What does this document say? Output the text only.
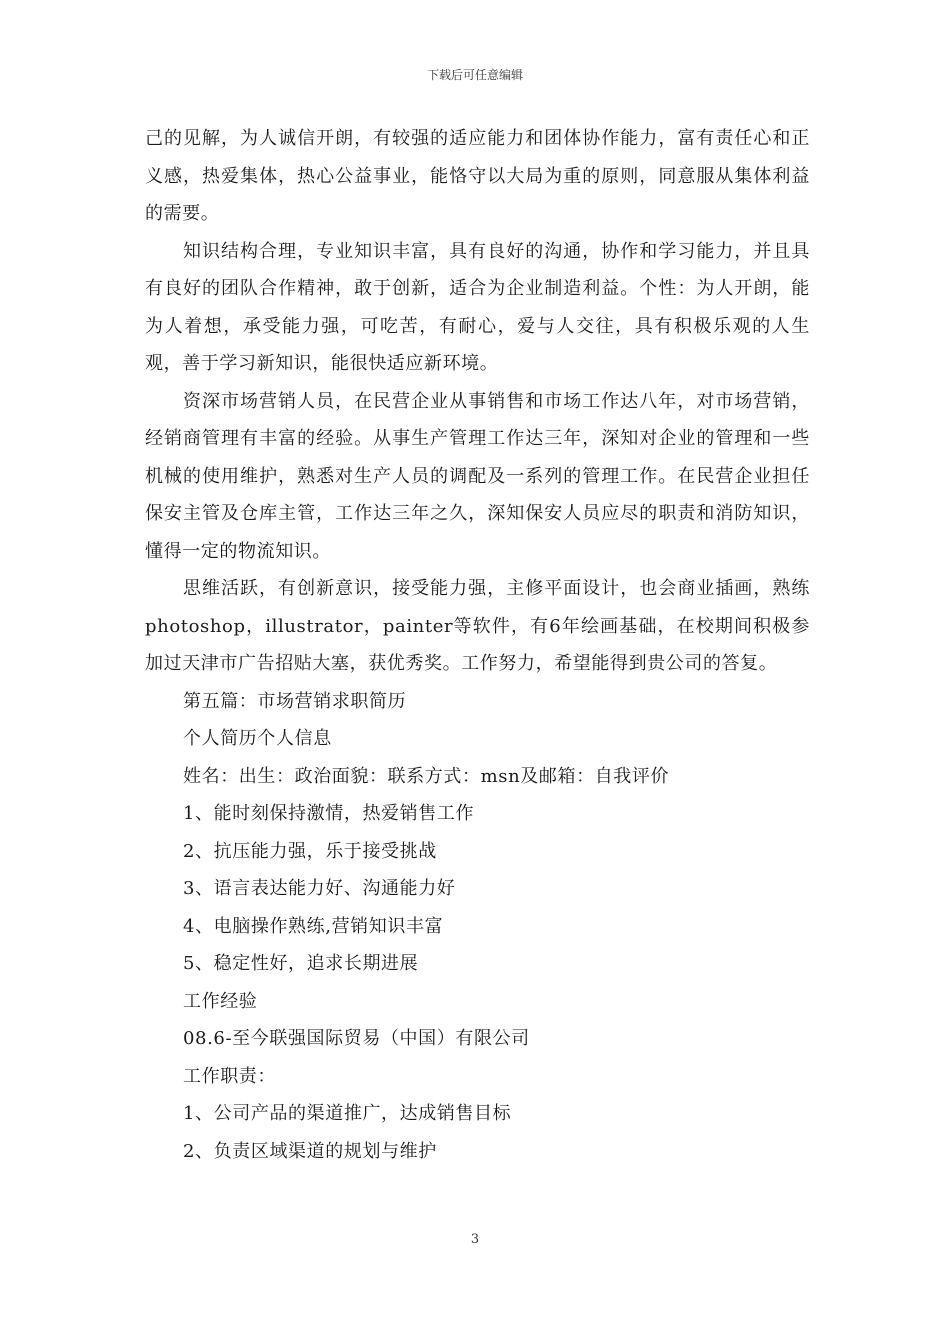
下载后可任意编辑

己的见解，为人诚信开朗，有较强的适应能力和团体协作能力，富有责任心和正义感，热爱集体，热心公益事业，能恪守以大局为重的原则，同意服从集体利益的需要。

知识结构合理，专业知识丰富，具有良好的沟通，协作和学习能力，并且具有良好的团队合作精神，敢于创新，适合为企业制造利益。个性：为人开朗，能为人着想，承受能力强，可吃苦，有耐心，爱与人交往，具有积极乐观的人生观，善于学习新知识，能很快适应新环境。

资深市场营销人员，在民营企业从事销售和市场工作达八年，对市场营销，经销商管理有丰富的经验。从事生产管理工作达三年，深知对企业的管理和一些机械的使用维护，熟悉对生产人员的调配及一系列的管理工作。在民营企业担任保安主管及仓库主管，工作达三年之久，深知保安人员应尽的职责和消防知识，懂得一定的物流知识。

思维活跃，有创新意识，接受能力强，主修平面设计，也会商业插画，熟练photoshop，illustrator，painter等软件，有6年绘画基础，在校期间积极参加过天津市广告招贴大塞，获优秀奖。工作努力，希望能得到贵公司的答复。

第五篇：市场营销求职简历

个人简历个人信息

姓名：出生：政治面貌：联系方式：msn及邮箱：自我评价

1、能时刻保持激情，热爱销售工作

2、抗压能力强，乐于接受挑战

3、语言表达能力好、沟通能力好

4、电脑操作熟练,营销知识丰富

5、稳定性好，追求长期进展

工作经验

08.6-至今联强国际贸易（中国）有限公司

工作职责：

1、公司产品的渠道推广，达成销售目标

2、负责区域渠道的规划与维护

3
